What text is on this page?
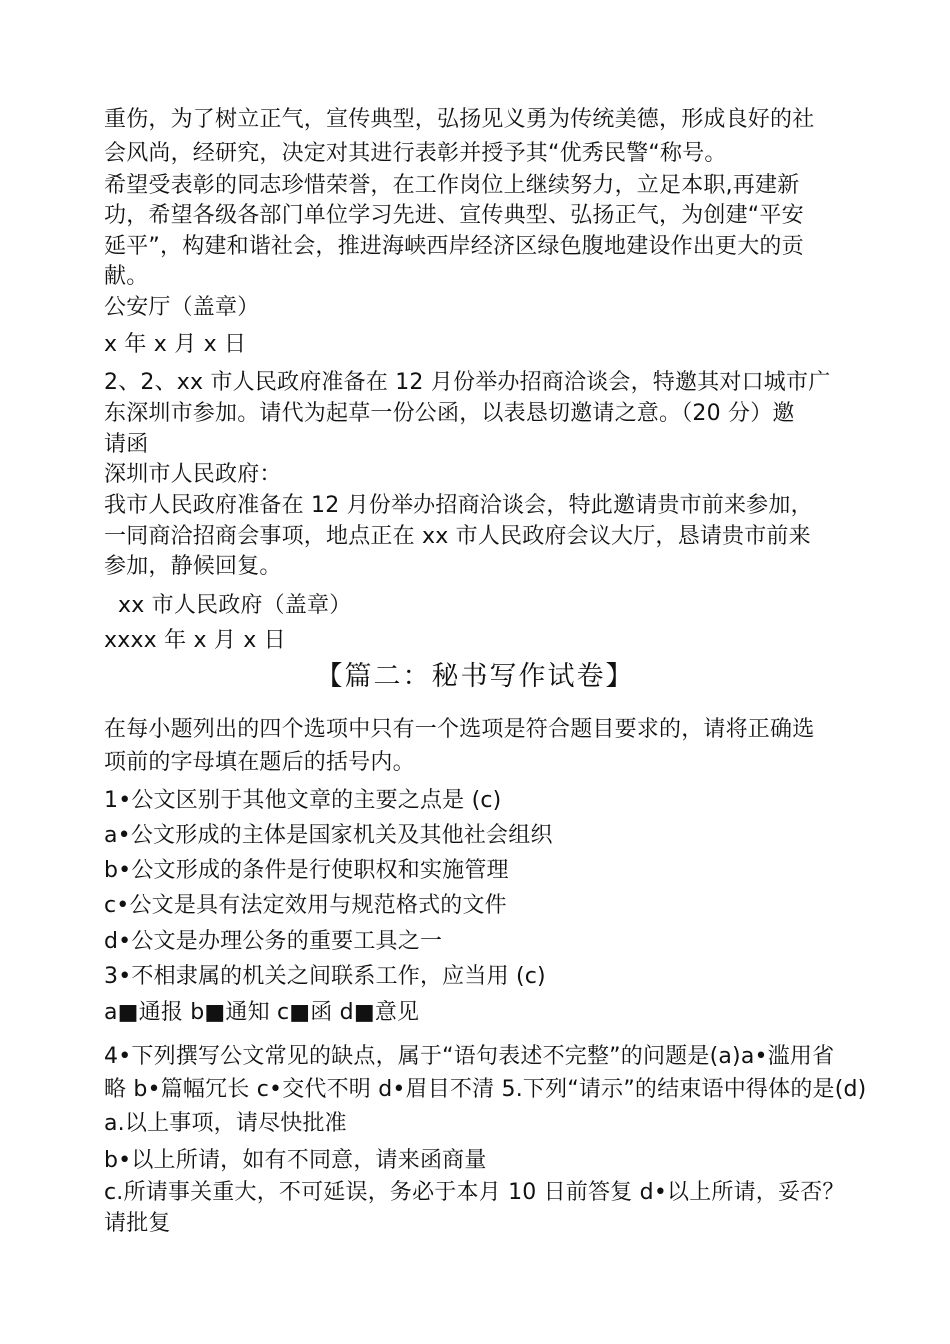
重伤，为了树立正气，宣传典型，弘扬见义勇为传统美德，形成良好的社
会风尚，经研究，决定对其进行表彰并授予其“优秀民警“称号。
希望受表彰的同志珍惜荣誉，在工作岗位上继续努力，立足本职,再建新
功，希望各级各部门单位学习先进、宣传典型、弘扬正气，为创建“平安
延平”，构建和谐社会，推进海峡西岸经济区绿色腹地建设作出更大的贡
献。
公安厅（盖章）
x 年 x 月 x 日
2、2、xx 市人民政府准备在 12 月份举办招商洽谈会，特邀其对口城市广
东深圳市参加。请代为起草一份公函，以表恳切邀请之意。（20 分）邀
请函
深圳市人民政府：
我市人民政府准备在 12 月份举办招商洽谈会，特此邀请贵市前来参加，
一同商洽招商会事项，地点正在 xx 市人民政府会议大厅，恳请贵市前来
参加，静候回复。
xx 市人民政府（盖章）
xxxx 年 x 月 x 日
【篇二：秘书写作试卷】
在每小题列出的四个选项中只有一个选项是符合题目要求的，请将正确选
项前的字母填在题后的括号内。
1•公文区别于其他文章的主要之点是 (c)
a•公文形成的主体是国家机关及其他社会组织
b•公文形成的条件是行使职权和实施管理
c•公文是具有法定效用与规范格式的文件
d•公文是办理公务的重要工具之一
3•不相隶属的机关之间联系工作，应当用 (c)
a■通报 b■通知 c■函 d■意见
4•下列撰写公文常见的缺点，属于“语句表述不完整”的问题是(a)a•滥用省
略 b•篇幅冗长 c•交代不明 d•眉目不清 5.下列“请示”的结束语中得体的是(d)
a.以上事项，请尽快批准
b•以上所请，如有不同意，请来函商量
c.所请事关重大，不可延误，务必于本月 10 日前答复 d•以上所请，妥否？
请批复
